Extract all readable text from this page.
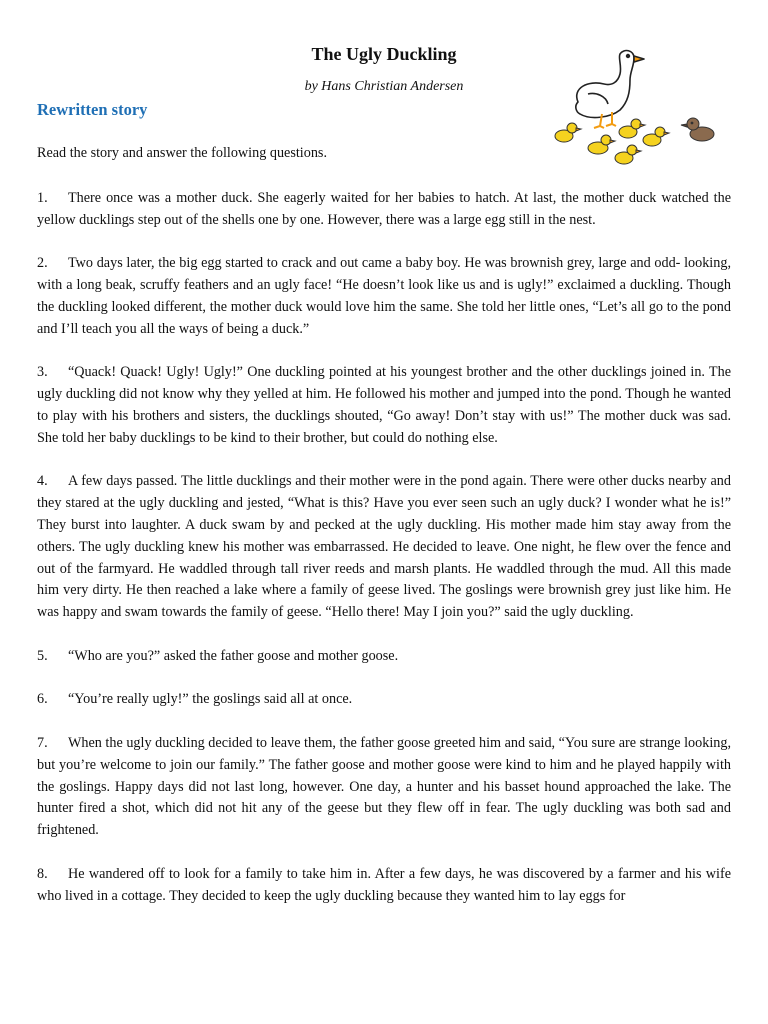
The Ugly Duckling
by Hans Christian Andersen
Rewritten story
Read the story and answer the following questions.

1. There once was a mother duck. She eagerly waited for her babies to hatch. At last, the mother duck watched the yellow ducklings step out of the shells one by one. However, there was a large egg still in the nest.

2. Two days later, the big egg started to crack and out came a baby boy. He was brownish grey, large and odd- looking, with a long beak, scruffy feathers and an ugly face! “He doesn’t look like us and is ugly!” exclaimed a duckling. Though the duckling looked different, the mother duck would love him the same. She told her little ones, “Let’s all go to the pond and I’ll teach you all the ways of being a duck.”

3. “Quack! Quack! Ugly! Ugly!” One duckling pointed at his youngest brother and the other ducklings joined in. The ugly duckling did not know why they yelled at him. He followed his mother and jumped into the pond. Though he wanted to play with his brothers and sisters, the ducklings shouted, “Go away! Don’t stay with us!” The mother duck was sad. She told her baby ducklings to be kind to their brother, but could do nothing else.

4. A few days passed. The little ducklings and their mother were in the pond again. There were other ducks nearby and they stared at the ugly duckling and jested, “What is this? Have you ever seen such an ugly duck? I wonder what he is!” They burst into laughter. A duck swam by and pecked at the ugly duckling. His mother made him stay away from the others. The ugly duckling knew his mother was embarrassed. He decided to leave. One night, he flew over the fence and out of the farmyard. He waddled through tall river reeds and marsh plants. He waddled through the mud. All this made him very dirty. He then reached a lake where a family of geese lived. The goslings were brownish grey just like him. He was happy and swam towards the family of geese. “Hello there! May I join you?” said the ugly duckling.

5. “Who are you?” asked the father goose and mother goose.

6. “You’re really ugly!” the goslings said all at once.

7. When the ugly duckling decided to leave them, the father goose greeted him and said, “You sure are strange looking, but you’re welcome to join our family.” The father goose and mother goose were kind to him and he played happily with the goslings. Happy days did not last long, however. One day, a hunter and his basset hound approached the lake. The hunter fired a shot, which did not hit any of the geese but they flew off in fear. The ugly duckling was both sad and frightened.

8. He wandered off to look for a family to take him in. After a few days, he was discovered by a farmer and his wife who lived in a cottage. They decided to keep the ugly duckling because they wanted him to lay eggs for
